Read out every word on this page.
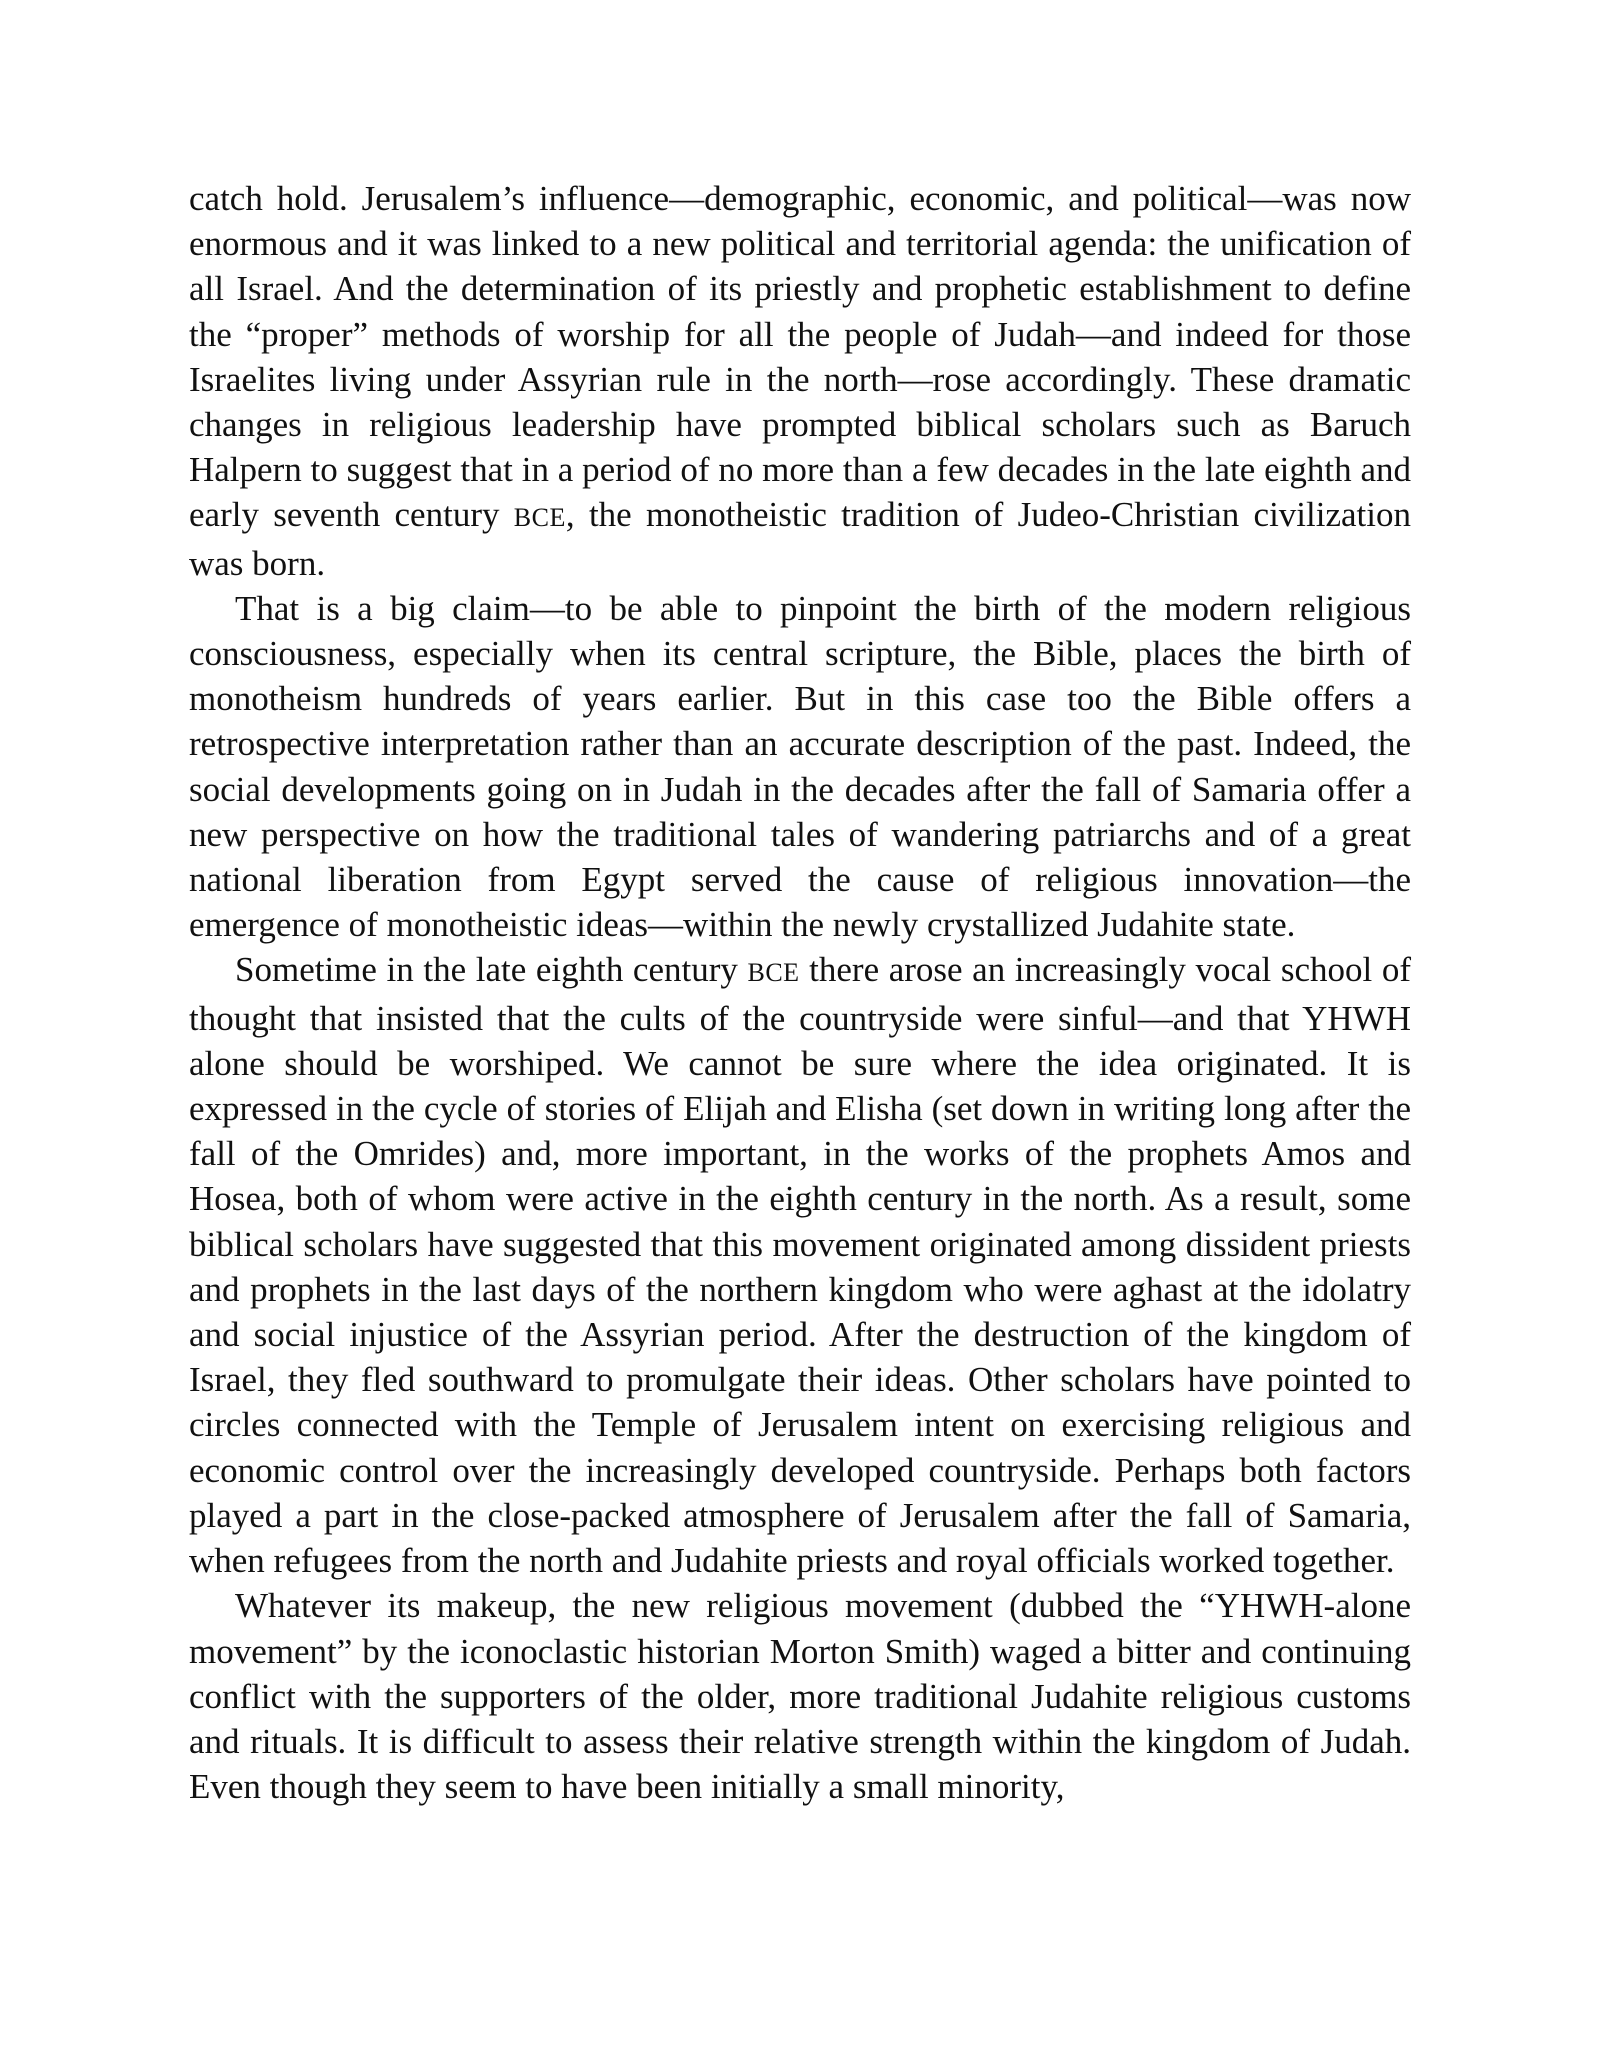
catch hold. Jerusalem’s influence—demographic, economic, and political—was now enormous and it was linked to a new political and territorial agenda: the unification of all Israel. And the determination of its priestly and prophetic establishment to define the “proper” methods of worship for all the people of Judah—and indeed for those Israelites living under Assyrian rule in the north—rose accordingly. These dramatic changes in religious leadership have prompted biblical scholars such as Baruch Halpern to suggest that in a period of no more than a few decades in the late eighth and early seventh century BCE, the monotheistic tradition of Judeo-Christian civilization was born.

That is a big claim—to be able to pinpoint the birth of the modern religious consciousness, especially when its central scripture, the Bible, places the birth of monotheism hundreds of years earlier. But in this case too the Bible offers a retrospective interpretation rather than an accurate description of the past. Indeed, the social developments going on in Judah in the decades after the fall of Samaria offer a new perspective on how the traditional tales of wandering patriarchs and of a great national liberation from Egypt served the cause of religious innovation—the emergence of monotheistic ideas—within the newly crystallized Judahite state.

Sometime in the late eighth century BCE there arose an increasingly vocal school of thought that insisted that the cults of the countryside were sinful—and that YHWH alone should be worshiped. We cannot be sure where the idea originated. It is expressed in the cycle of stories of Elijah and Elisha (set down in writing long after the fall of the Omrides) and, more important, in the works of the prophets Amos and Hosea, both of whom were active in the eighth century in the north. As a result, some biblical scholars have suggested that this movement originated among dissident priests and prophets in the last days of the northern kingdom who were aghast at the idolatry and social injustice of the Assyrian period. After the destruction of the kingdom of Israel, they fled southward to promulgate their ideas. Other scholars have pointed to circles connected with the Temple of Jerusalem intent on exercising religious and economic control over the increasingly developed countryside. Perhaps both factors played a part in the close-packed atmosphere of Jerusalem after the fall of Samaria, when refugees from the north and Judahite priests and royal officials worked together.

Whatever its makeup, the new religious movement (dubbed the “YHWH-alone movement” by the iconoclastic historian Morton Smith) waged a bitter and continuing conflict with the supporters of the older, more traditional Judahite religious customs and rituals. It is difficult to assess their relative strength within the kingdom of Judah. Even though they seem to have been initially a small minority,
